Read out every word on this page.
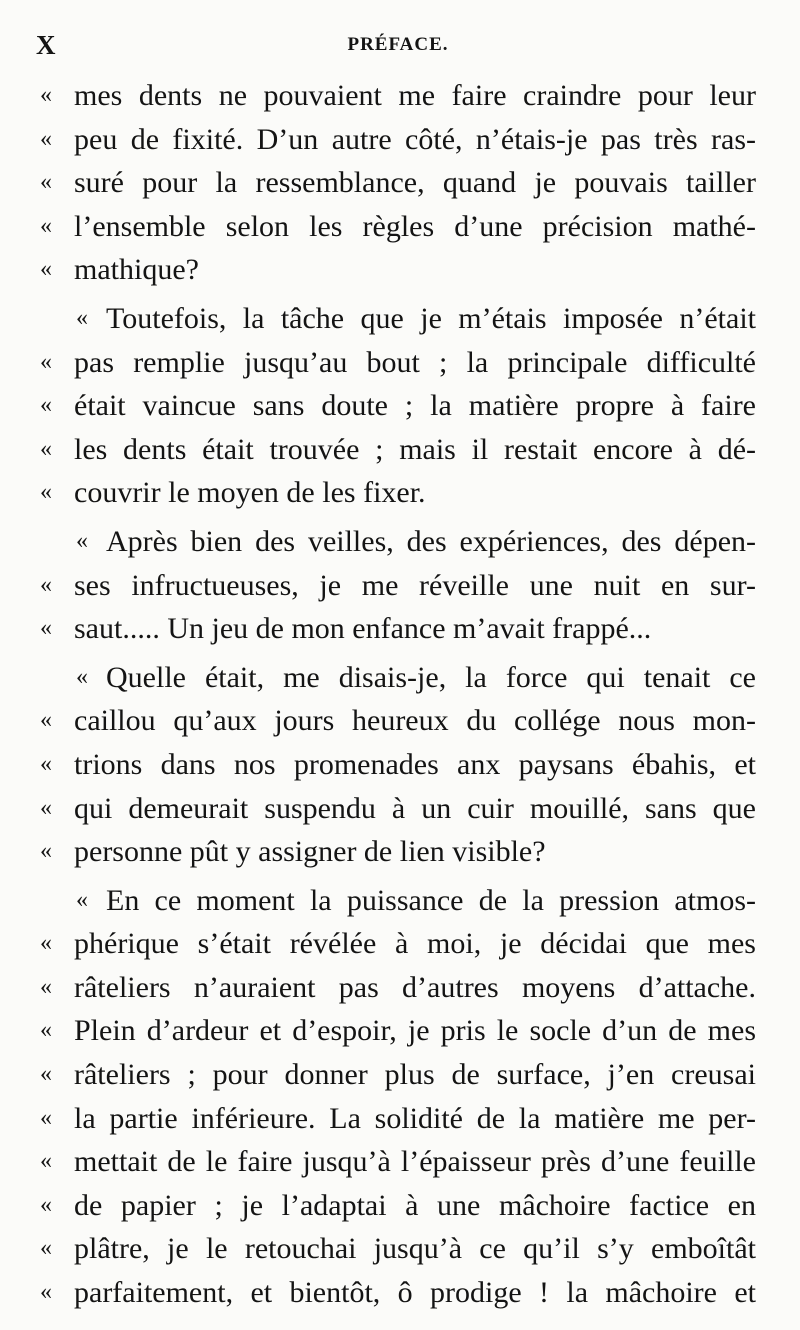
X	PRÉFACE.
« mes dents ne pouvaient me faire craindre pour leur
« peu de fixité. D’un autre côté, n’étais-je pas très ras-
« suré pour la ressemblance, quand je pouvais tailler
« l’ensemble selon les règles d’une précision mathé-
« mathique?
« Toutefois, la tâche que je m’étais imposée n’était
« pas remplie jusqu’au bout ; la principale difficulté
« était vaincue sans doute ; la matière propre à faire
« les dents était trouvée ; mais il restait encore à dé-
« couvrir le moyen de les fixer.
« Après bien des veilles, des expériences, des dépen-
« ses infructueuses, je me réveille une nuit en sur-
« saut..... Un jeu de mon enfance m’avait frappé...
« Quelle était, me disais-je, la force qui tenait ce
« caillou qu’aux jours heureux du collége nous mon-
« trions dans nos promenades anx paysans ébahis, et
« qui demeurait suspendu à un cuir mouillé, sans que
« personne pût y assigner de lien visible?
« En ce moment la puissance de la pression atmos-
« phérique s’était révélée à moi, je décidai que mes
« râteliers n’auraient pas d’autres moyens d’attache.
« Plein d’ardeur et d’espoir, je pris le socle d’un de mes
« râteliers ; pour donner plus de surface, j’en creusai
« la partie inférieure. La solidité de la matière me per-
« mettait de le faire jusqu’à l’épaisseur près d’une feuille
« de papier ; je l’adaptai à une mâchoire factice en
« plâtre, je le retouchai jusqu’à ce qu’il s’y emboîtât
« parfaitement, et bientôt, ô prodige ! la mâchoire et
